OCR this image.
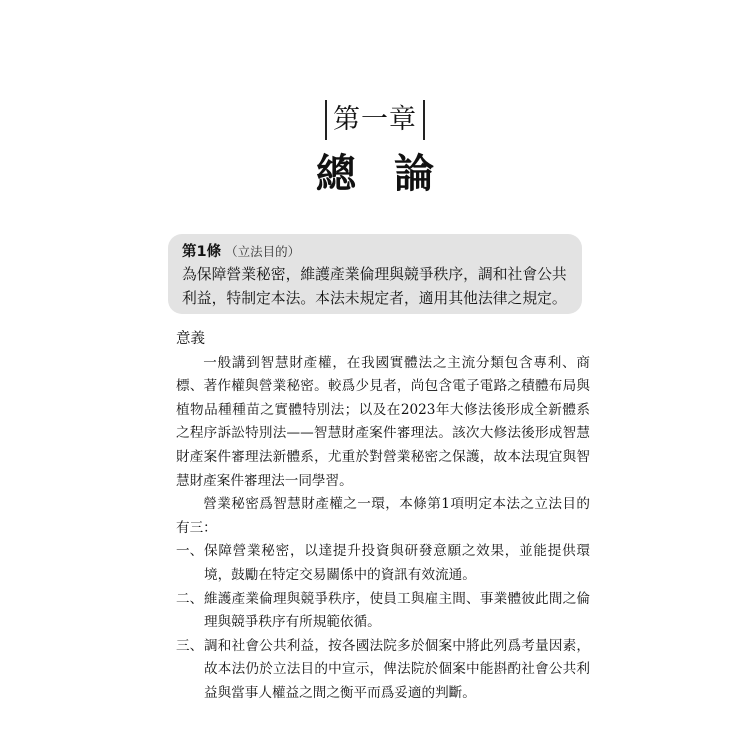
第一章
總論
第1條 （立法目的）
為保障營業秘密，維護產業倫理與競爭秩序，調和社會公共利益，特制定本法。本法未規定者，適用其他法律之規定。
意義
一般講到智慧財產權，在我國實體法之主流分類包含專利、商標、著作權與營業秘密。較爲少見者，尚包含電子電路之積體布局與植物品種種苗之實體特別法；以及在2023年大修法後形成全新體系之程序訴訟特別法——智慧財產案件審理法。該次大修法後形成智慧財產案件審理法新體系，尤重於對營業秘密之保護，故本法現宜與智慧財產案件審理法一同學習。
營業秘密爲智慧財產權之一環，本條第1項明定本法之立法目的有三：
一、 保障營業秘密，以達提升投資與研發意願之效果，並能提供環境，鼓勵在特定交易關係中的資訊有效流通。
二、 維護產業倫理與競爭秩序，使員工與雇主間、事業體彼此間之倫理與競爭秩序有所規範依循。
三、 調和社會公共利益，按各國法院多於個案中將此列爲考量因素，故本法仍於立法目的中宣示，俾法院於個案中能斟酌社會公共利益與當事人權益之間之衡平而爲妥適的判斷。
